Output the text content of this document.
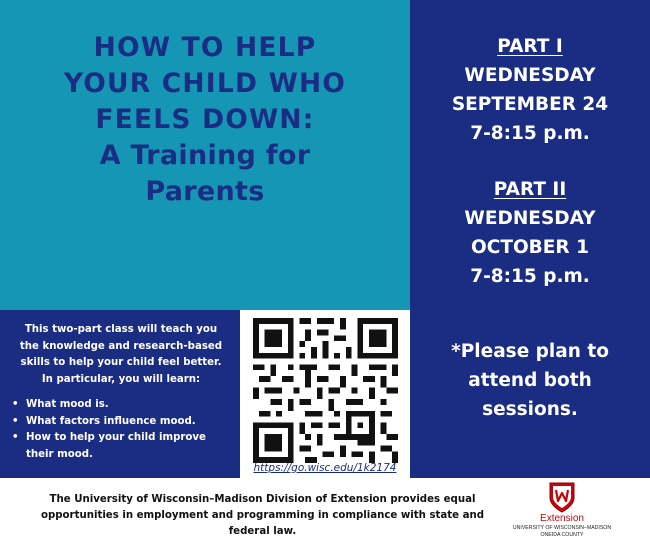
HOW TO HELP
YOUR CHILD WHO
FEELS DOWN:
A Training for
Parents
PART I
WEDNESDAY
SEPTEMBER 24
7-8:15 p.m.
PART II
WEDNESDAY
OCTOBER 1
7-8:15 p.m.
*Please plan to
attend both
sessions.
This two-part class will teach you
the knowledge and research-based
skills to help your child feel better.
In particular, you will learn:
• What mood is.
• What factors influence mood.
• How to help your child improve their mood.
https://go.wisc.edu/1k2174
The University of Wisconsin–Madison Division of Extension provides equal
opportunities in employment and programming in compliance with state and
federal law.
Extension
UNIVERSITY OF WISCONSIN–MADISON
ONEIDA COUNTY
